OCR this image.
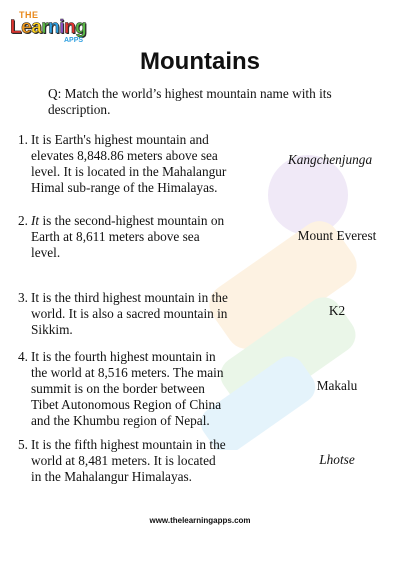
THE
Learning
APPS
Mountains
Q: Match the world’s highest mountain name with its description.
1. It is Earth's highest mountain and elevates 8,848.86 meters above sea level. It is located in the Mahalangur Himal sub-range of the Himalayas.
2. It is the second-highest mountain on Earth at 8,611 meters above sea level.
3. It is the third highest mountain in the world. It is also a sacred mountain in Sikkim.
4. It is the fourth highest mountain in the world at 8,516 meters. The main summit is on the border between Tibet Autonomous Region of China and the Khumbu region of Nepal.
5. It is the fifth highest mountain in the world at 8,481 meters. It is located in the Mahalangur Himalayas.
Kangchenjunga
Mount Everest
K2
Makalu
Lhotse
www.thelearningapps.com
